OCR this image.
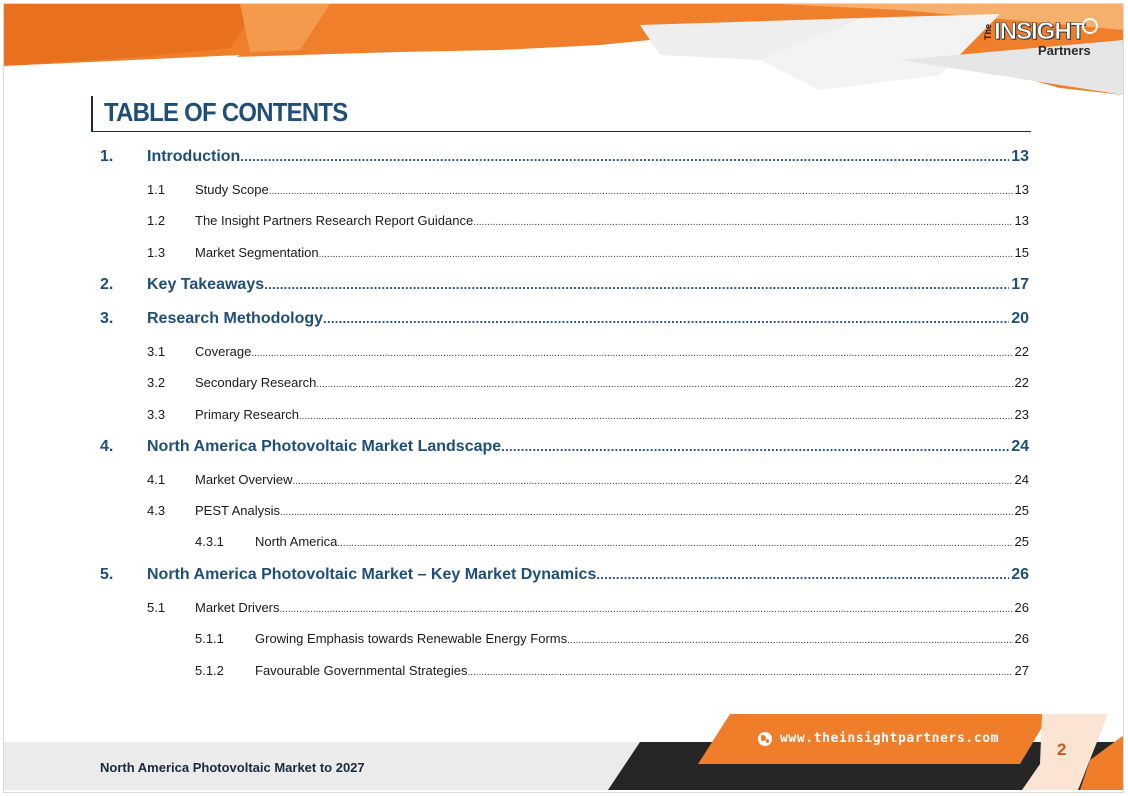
The INSIGHT
Partners
TABLE OF CONTENTS
1.	Introduction .....	13
1.1	Study Scope .....	13
1.2	The Insight Partners Research Report Guidance .....	13
1.3	Market Segmentation .....	15
2.	Key Takeaways .....	17
3.	Research Methodology .....	20
3.1	Coverage .....	22
3.2	Secondary Research .....	22
3.3	Primary Research .....	23
4.	North America Photovoltaic Market Landscape .....	24
4.1	Market Overview .....	24
4.3	PEST Analysis .....	25
4.3.1	North America .....	25
5.	North America Photovoltaic Market – Key Market Dynamics .....	26
5.1	Market Drivers .....	26
5.1.1	Growing Emphasis towards Renewable Energy Forms .....	26
5.1.2	Favourable Governmental Strategies .....	27
North America Photovoltaic Market to 2027
www.theinsightpartners.com
2
